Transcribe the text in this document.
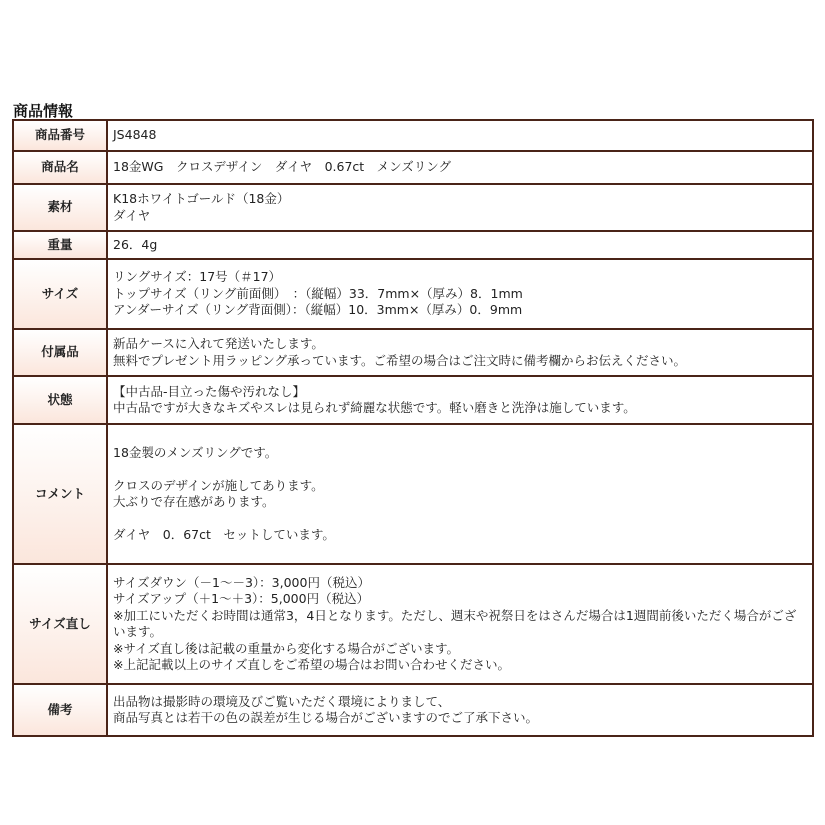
商品情報
商品番号	JS4848
商品名	18金WG　クロスデザイン　ダイヤ　0.67ct　メンズリング
素材	K18ホワイトゴールド（18金）
ダイヤ
重量	26．4g
サイズ	リングサイズ：17号（＃17）
トップサイズ（リング前面側）　：（縦幅）33．7mm×（厚み）8．1mm
アンダーサイズ（リング背面側）：（縦幅）10．3mm×（厚み）0．9mm
付属品	新品ケースに入れて発送いたします。
無料でプレゼント用ラッピング承っています。ご希望の場合はご注文時に備考欄からお伝えください。
状態	【中古品-目立った傷や汚れなし】
中古品ですが大きなキズやスレは見られず綺麗な状態です。軽い磨きと洗浄は施しています。
コメント	18金製のメンズリングです。

クロスのデザインが施してあります。
大ぶりで存在感があります。

ダイヤ　0．67ct　セットしています。
サイズ直し	サイズダウン（－1～－3）：3,000円（税込）
サイズアップ（＋1～＋3）：5,000円（税込）
※加工にいただくお時間は通常3，4日となります。ただし、週末や祝祭日をはさんだ場合は1週間前後いただく場合がございます。
※サイズ直し後は記載の重量から変化する場合がございます。
※上記記載以上のサイズ直しをご希望の場合はお問い合わせください。
備考	出品物は撮影時の環境及びご覧いただく環境によりまして、
商品写真とは若干の色の誤差が生じる場合がございますのでご了承下さい。
